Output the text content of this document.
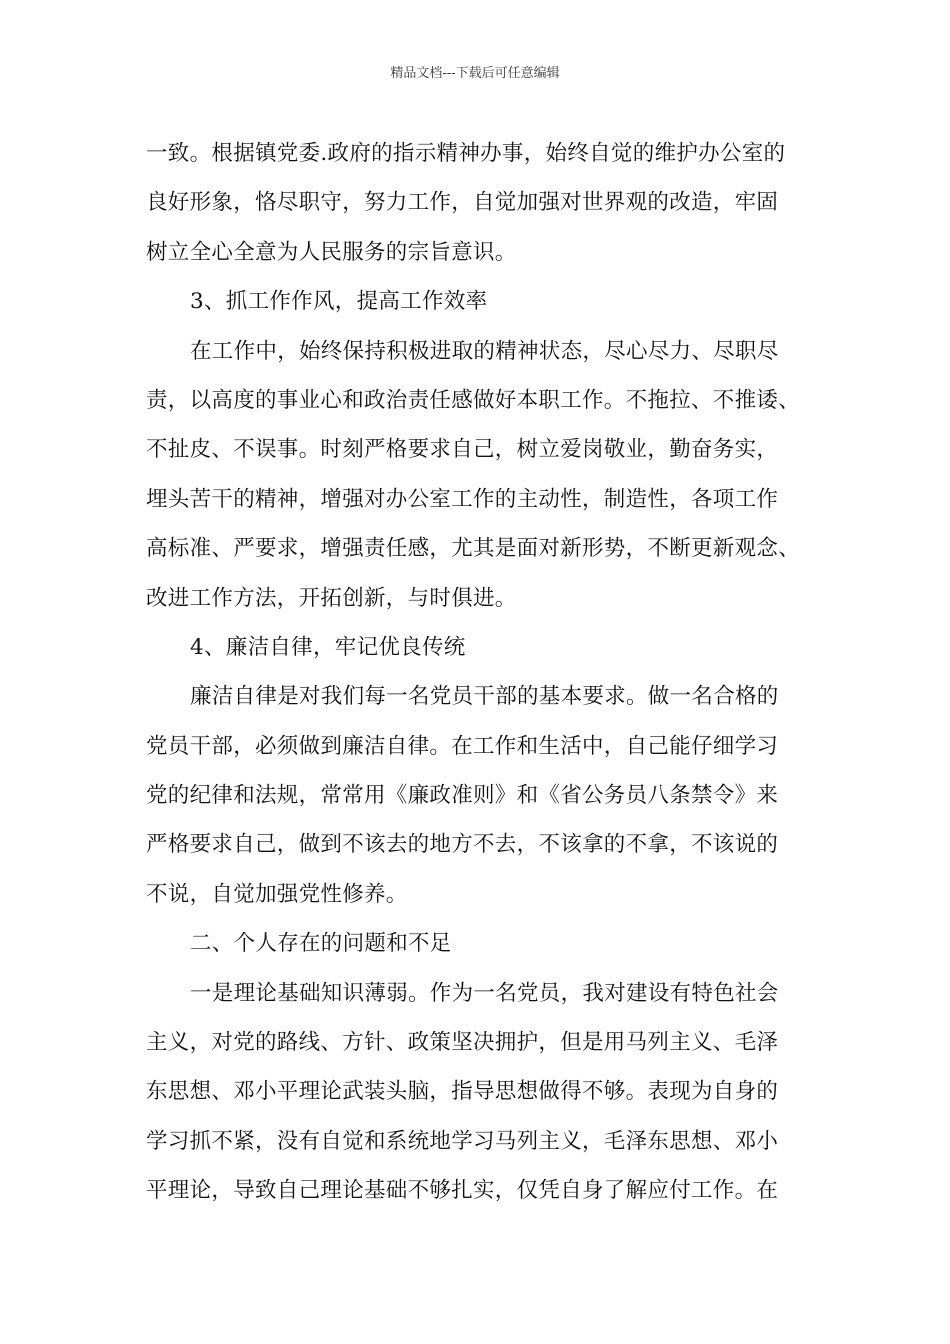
精品文档---下载后可任意编辑
一致。根据镇党委.政府的指示精神办事，始终自觉的维护办公室的
良好形象，恪尽职守，努力工作，自觉加强对世界观的改造，牢固
树立全心全意为人民服务的宗旨意识。
3、抓工作作风，提高工作效率
在工作中，始终保持积极进取的精神状态，尽心尽力、尽职尽
责，以高度的事业心和政治责任感做好本职工作。不拖拉、不推诿、
不扯皮、不误事。时刻严格要求自己，树立爱岗敬业，勤奋务实，
埋头苦干的精神，增强对办公室工作的主动性，制造性，各项工作
高标准、严要求，增强责任感，尤其是面对新形势，不断更新观念、
改进工作方法，开拓创新，与时俱进。
4、廉洁自律，牢记优良传统
廉洁自律是对我们每一名党员干部的基本要求。做一名合格的
党员干部，必须做到廉洁自律。在工作和生活中，自己能仔细学习
党的纪律和法规，常常用《廉政准则》和《省公务员八条禁令》来
严格要求自己，做到不该去的地方不去，不该拿的不拿，不该说的
不说，自觉加强党性修养。
二、个人存在的问题和不足
一是理论基础知识薄弱。作为一名党员，我对建设有特色社会
主义，对党的路线、方针、政策坚决拥护，但是用马列主义、毛泽
东思想、邓小平理论武装头脑，指导思想做得不够。表现为自身的
学习抓不紧，没有自觉和系统地学习马列主义，毛泽东思想、邓小
平理论，导致自己理论基础不够扎实，仅凭自身了解应付工作。在
